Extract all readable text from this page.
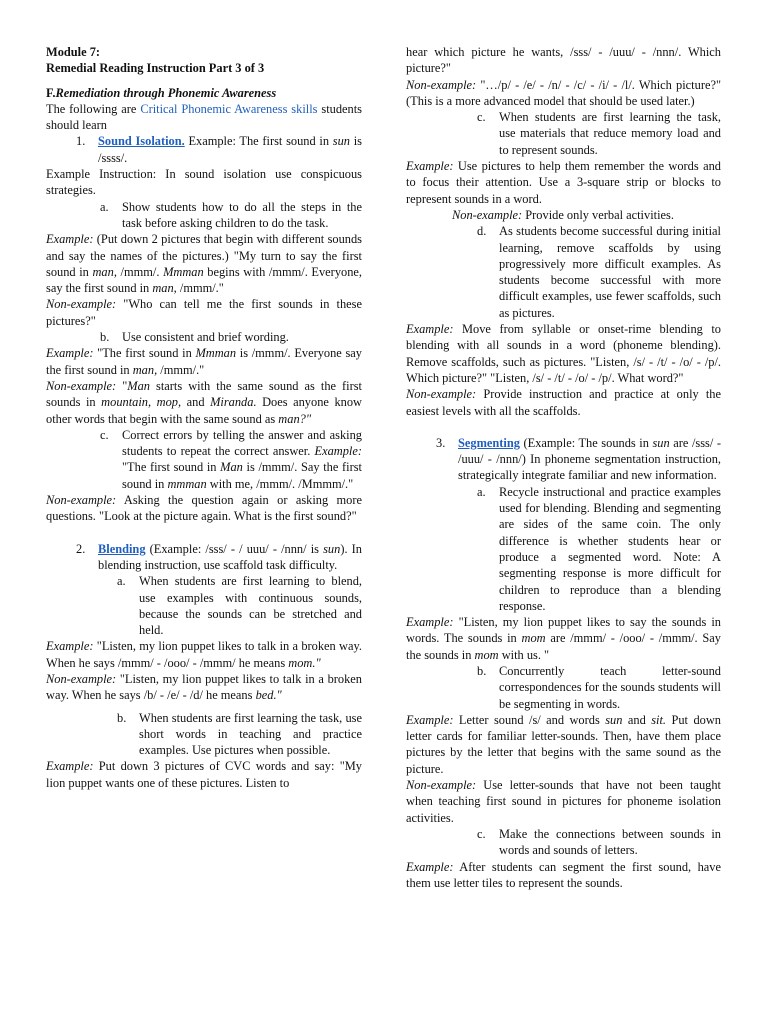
Module 7:

Remedial Reading Instruction Part 3 of 3

F.Remediation through Phonemic Awareness

The following are Critical Phonemic Awareness skills students should learn

1. Sound Isolation. Example: The first sound in sun is /ssss/.

Example Instruction: In sound isolation use conspicuous strategies.

a. Show students how to do all the steps in the task before asking children to do the task.

Example: (Put down 2 pictures that begin with different sounds and say the names of the pictures.) "My turn to say the first sound in man, /mmm/. Mmman begins with /mmm/. Everyone, say the first sound in man, /mmm/."

Non-example: "Who can tell me the first sounds in these pictures?"

b. Use consistent and brief wording.

Example: "The first sound in Mmman is /mmm/. Everyone say the first sound in man, /mmm/."

Non-example: "Man starts with the same sound as the first sounds in mountain, mop, and Miranda. Does anyone know other words that begin with the same sound as man?"

c. Correct errors by telling the answer and asking students to repeat the correct answer. Example: "The first sound in Man is /mmm/. Say the first sound in mmman with me, /mmm/. /Mmmm/."

Non-example: Asking the question again or asking more questions. "Look at the picture again. What is the first sound?"

2. Blending (Example: /sss/ - / uuu/ - /nnn/ is sun). In blending instruction, use scaffold task difficulty.

a. When students are first learning to blend, use examples with continuous sounds, because the sounds can be stretched and held.

Example: "Listen, my lion puppet likes to talk in a broken way. When he says /mmm/ - /ooo/ - /mmm/ he means mom."

Non-example: "Listen, my lion puppet likes to talk in a broken way. When he says /b/ - /e/ - /d/ he means bed."

b. When students are first learning the task, use short words in teaching and practice examples. Use pictures when possible.

Example: Put down 3 pictures of CVC words and say: "My lion puppet wants one of these pictures. Listen to

hear which picture he wants, /sss/ - /uuu/ - /nnn/. Which picture?"

Non-example: "…/p/ - /e/ - /n/ - /c/ - /i/ - /l/. Which picture?" (This is a more advanced model that should be used later.)

c. When students are first learning the task, use materials that reduce memory load and to represent sounds.

Example: Use pictures to help them remember the words and to focus their attention. Use a 3-square strip or blocks to represent sounds in a word.

Non-example: Provide only verbal activities.

d. As students become successful during initial learning, remove scaffolds by using progressively more difficult examples. As students become successful with more difficult examples, use fewer scaffolds, such as pictures.

Example: Move from syllable or onset-rime blending to blending with all sounds in a word (phoneme blending). Remove scaffolds, such as pictures. "Listen, /s/ - /t/ - /o/ - /p/. Which picture?" "Listen, /s/ - /t/ - /o/ - /p/. What word?"

Non-example: Provide instruction and practice at only the easiest levels with all the scaffolds.

3. Segmenting (Example: The sounds in sun are /sss/ - /uuu/ - /nnn/) In phoneme segmentation instruction, strategically integrate familiar and new information.

a. Recycle instructional and practice examples used for blending. Blending and segmenting are sides of the same coin. The only difference is whether students hear or produce a segmented word. Note: A segmenting response is more difficult for children to reproduce than a blending response.

Example: "Listen, my lion puppet likes to say the sounds in words. The sounds in mom are /mmm/ - /ooo/ - /mmm/. Say the sounds in mom with us. "

b. Concurrently teach letter-sound correspondences for the sounds students will be segmenting in words.

Example: Letter sound /s/ and words sun and sit. Put down letter cards for familiar letter-sounds. Then, have them place pictures by the letter that begins with the same sound as the picture.

Non-example: Use letter-sounds that have not been taught when teaching first sound in pictures for phoneme isolation activities.

c. Make the connections between sounds in words and sounds of letters.

Example: After students can segment the first sound, have them use letter tiles to represent the sounds.
